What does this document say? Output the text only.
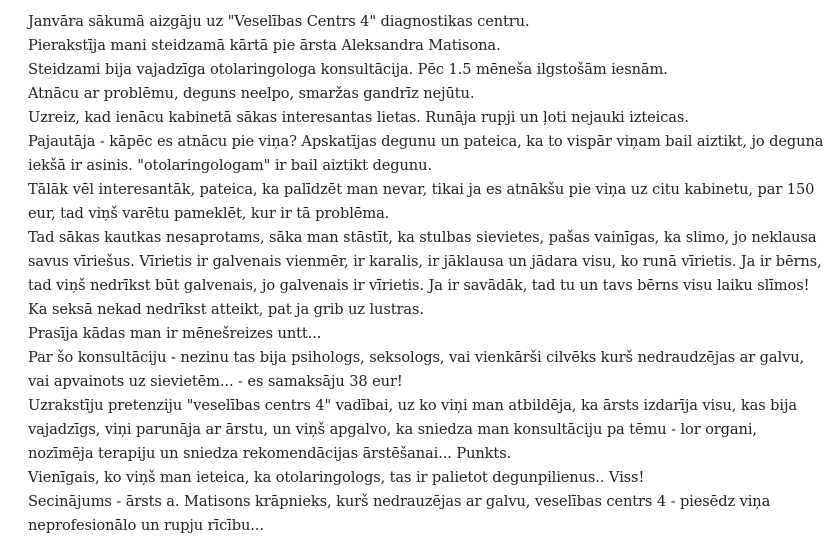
Janvāra sākumā aizgāju uz "Veselības Centrs 4" diagnostikas centru.

Pierakstīja mani steidzamā kārtā pie ārsta Aleksandra Matisona.

Steidzami bija vajadzīga otolaringologa konsultācija. Pēc 1.5 mēneša ilgstošām iesnām.

Atnācu ar problēmu, deguns neelpo, smaržas gandrīz nejūtu.

Uzreiz, kad ienācu kabinetā sākas interesantas lietas. Runāja rupji un ļoti nejauki izteicas.

Pajautāja - kāpēc es atnācu pie viņa? Apskatījas degunu un pateica, ka to vispār viņam bail aiztikt, jo deguna iekšā ir asinis. "otolaringologam" ir bail aiztikt degunu.

Tālāk vēl interesantāk, pateica, ka palīdzēt man nevar, tikai ja es atnākšu pie viņa uz citu kabinetu, par 150 eur, tad viņš varētu pameklēt, kur ir tā problēma.

Tad sākas kautkas nesaprotams, sāka man stāstīt, ka stulbas sievietes, pašas vainīgas, ka slimo, jo neklausa savus vīriešus. Vīrietis ir galvenais vienmēr, ir karalis, ir jāklausa un jādara visu, ko runā vīrietis. Ja ir bērns, tad viņš nedrīkst būt galvenais, jo galvenais ir vīrietis. Ja ir savādāk, tad tu un tavs bērns visu laiku slīmos! Ka seksā nekad nedrīkst atteikt, pat ja grib uz lustras.

Prasīja kādas man ir mēnešreizes untt...

Par šo konsultāciju - nezinu tas bija psihologs, seksologs, vai vienkārši cilvēks kurš nedraudzējas ar galvu, vai apvainots uz sievietēm... - es samaksāju 38 eur!

Uzrakstīju pretenziju "veselības centrs 4" vadībai, uz ko viņi man atbildēja, ka ārsts izdarīja visu, kas bija vajadzīgs, viņi parunāja ar ārstu, un viņš apgalvo, ka sniedza man konsultāciju pa tēmu - lor organi, nozīmēja terapiju un sniedza rekomendācijas ārstēšanai... Punkts.

Vienīgais, ko viņš man ieteica, ka otolaringologs, tas ir palietot degunpilienus.. Viss!

Secinājums - ārsts a. Matisons krāpnieks, kurš nedrauzējas ar galvu, veselības centrs 4 - piesēdz viņa neprofesionālo un rupju rīcību...
